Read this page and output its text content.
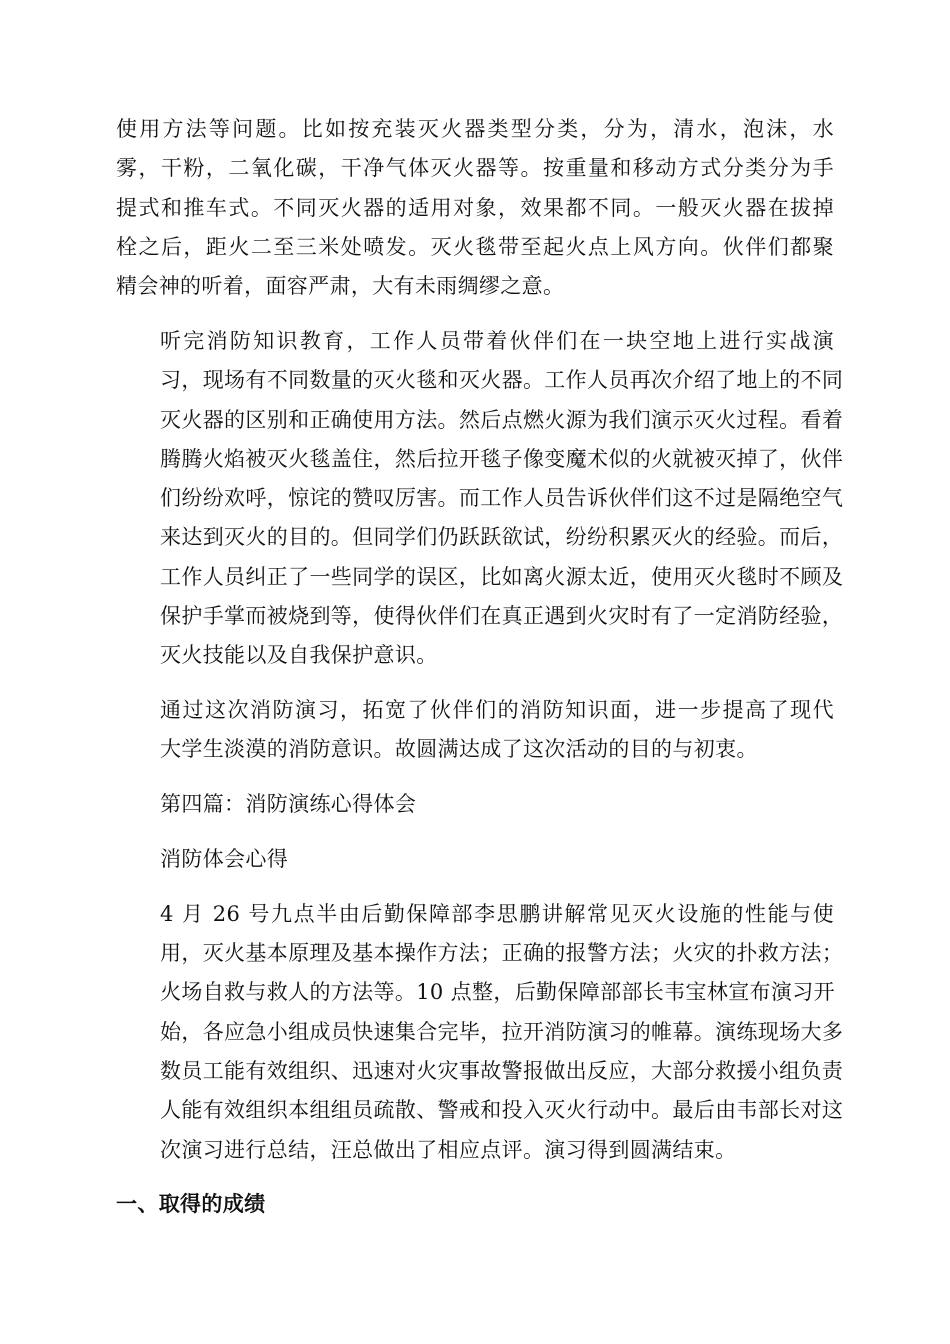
使用方法等问题。比如按充装灭火器类型分类，分为，清水，泡沫，水
雾，干粉，二氧化碳，干净气体灭火器等。按重量和移动方式分类分为手
提式和推车式。不同灭火器的适用对象，效果都不同。一般灭火器在拔掉
栓之后，距火二至三米处喷发。灭火毯带至起火点上风方向。伙伴们都聚
精会神的听着，面容严肃，大有未雨绸缪之意。
听完消防知识教育，工作人员带着伙伴们在一块空地上进行实战演
习，现场有不同数量的灭火毯和灭火器。工作人员再次介绍了地上的不同
灭火器的区别和正确使用方法。然后点燃火源为我们演示灭火过程。看着
腾腾火焰被灭火毯盖住，然后拉开毯子像变魔术似的火就被灭掉了，伙伴
们纷纷欢呼，惊诧的赞叹厉害。而工作人员告诉伙伴们这不过是隔绝空气
来达到灭火的目的。但同学们仍跃跃欲试，纷纷积累灭火的经验。而后，
工作人员纠正了一些同学的误区，比如离火源太近，使用灭火毯时不顾及
保护手掌而被烧到等，使得伙伴们在真正遇到火灾时有了一定消防经验，
灭火技能以及自我保护意识。
通过这次消防演习，拓宽了伙伴们的消防知识面，进一步提高了现代
大学生淡漠的消防意识。故圆满达成了这次活动的目的与初衷。
第四篇：消防演练心得体会
消防体会心得
4 月 26 号九点半由后勤保障部李思鹏讲解常见灭火设施的性能与使
用，灭火基本原理及基本操作方法；正确的报警方法；火灾的扑救方法；
火场自救与救人的方法等。10 点整，后勤保障部部长韦宝林宣布演习开
始，各应急小组成员快速集合完毕，拉开消防演习的帷幕。演练现场大多
数员工能有效组织、迅速对火灾事故警报做出反应，大部分救援小组负责
人能有效组织本组组员疏散、警戒和投入灭火行动中。最后由韦部长对这
次演习进行总结，汪总做出了相应点评。演习得到圆满结束。
一、取得的成绩
